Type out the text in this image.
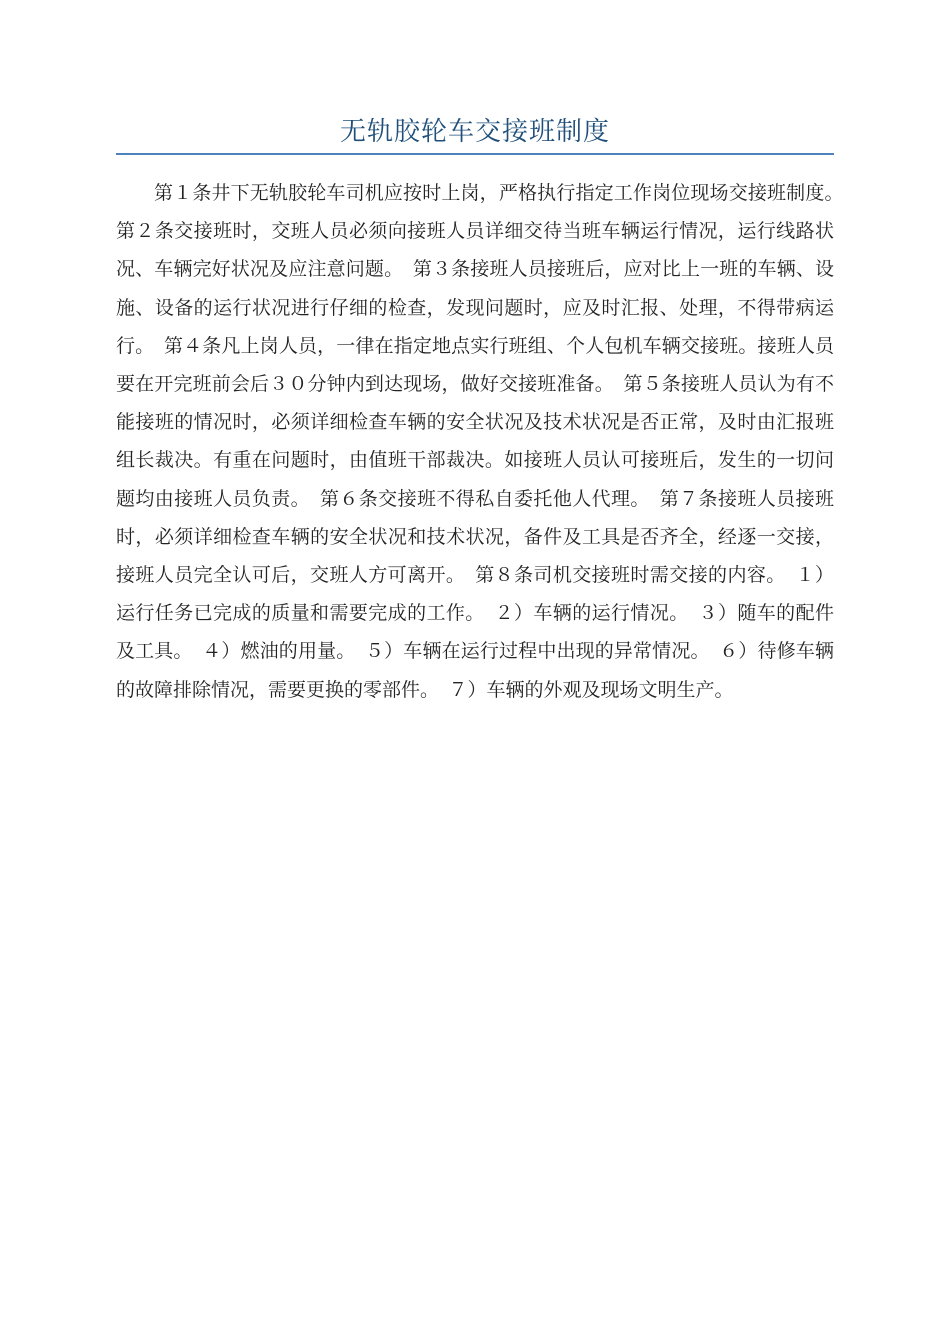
无轨胶轮车交接班制度

第１条井下无轨胶轮车司机应按时上岗，严格执行指定工作岗位现场交接班制度。　第２条交接班时，交班人员必须向接班人员详细交待当班车辆运行情况，运行线路状况、车辆完好状况及应注意问题。　第３条接班人员接班后，应对比上一班的车辆、设施、设备的运行状况进行仔细的检查，发现问题时，应及时汇报、处理，不得带病运行。　第４条凡上岗人员，一律在指定地点实行班组、个人包机车辆交接班。接班人员要在开完班前会后３０分钟内到达现场，做好交接班准备。　第５条接班人员认为有不能接班的情况时，必须详细检查车辆的安全状况及技术状况是否正常，及时由汇报班组长裁决。有重在问题时，由值班干部裁决。如接班人员认可接班后，发生的一切问题均由接班人员负责。　第６条交接班不得私自委托他人代理。　第７条接班人员接班时，必须详细检查车辆的安全状况和技术状况，备件及工具是否齐全，经逐一交接，接班人员完全认可后，交班人方可离开。　第８条司机交接班时需交接的内容。　１）运行任务已完成的质量和需要完成的工作。　２）车辆的运行情况。　３）随车的配件及工具。　４）燃油的用量。　５）车辆在运行过程中出现的异常情况。　６）待修车辆的故障排除情况，需要更换的零部件。　７）车辆的外观及现场文明生产。
